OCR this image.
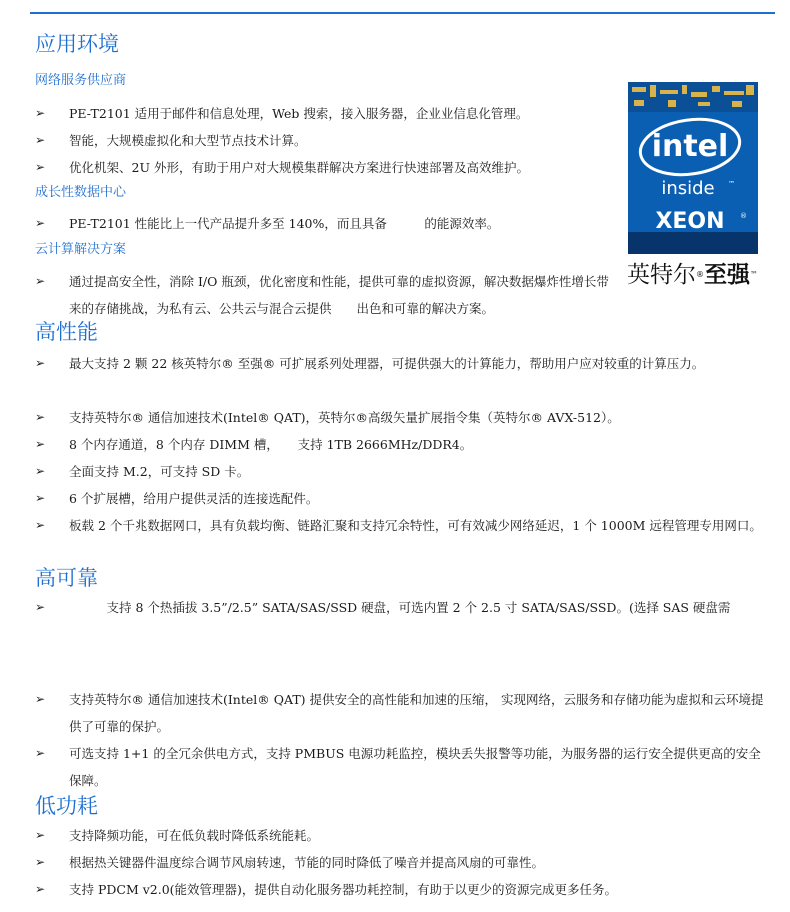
应用环境
网络服务供应商
➢ PE-T2101 适用于邮件和信息处理，Web 搜索，接入服务器，企业业信息化管理。
➢ 智能，大规模虚拟化和大型节点技术计算。
➢ 优化机架、2U 外形，有助于用户对大规模集群解决方案进行快速部署及高效维护。
成长性数据中心
➢ PE-T2101 性能比上一代产品提升多至 140%，而且具备　　　的能源效率。
云计算解决方案
➢ 通过提高安全性，消除 I/O 瓶颈，优化密度和性能，提供可靠的虚拟资源，解决数据爆炸性增长带来的存储挑战，为私有云、公共云与混合云提供　　出色和可靠的解决方案。
intel
inside ™
XEON ®
英特尔®至强™
高性能
➢ 最大支持 2 颗 22 核英特尔® 至强® 可扩展系列处理器，可提供强大的计算能力，帮助用户应对较重的计算压力。
➢ 支持英特尔® 通信加速技术(Intel® QAT)，英特尔®高级矢量扩展指令集（英特尔® AVX-512）。
➢ 8 个内存通道，8 个内存 DIMM 槽，　　支持 1TB 2666MHz/DDR4。
➢ 全面支持 M.2，可支持 SD 卡。
➢ 6 个扩展槽，给用户提供灵活的连接选配件。
➢ 板载 2 个千兆数据网口，具有负载均衡、链路汇聚和支持冗余特性，可有效减少网络延迟，1 个 1000M 远程管理专用网口。
高可靠
➢ 　　　支持 8 个热插拔 3.5”/2.5” SATA/SAS/SSD 硬盘，可选内置 2 个 2.5 寸 SATA/SAS/SSD。(选择 SAS 硬盘需
➢ 支持英特尔® 通信加速技术(Intel® QAT) 提供安全的高性能和加速的压缩， 实现网络，云服务和存储功能为虚拟和云环境提供了可靠的保护。
➢ 可选支持 1+1 的全冗余供电方式，支持 PMBUS 电源功耗监控，模块丢失报警等功能，为服务器的运行安全提供更高的安全保障。
低功耗
➢ 支持降频功能，可在低负载时降低系统能耗。
➢ 根据热关键器件温度综合调节风扇转速，节能的同时降低了噪音并提高风扇的可靠性。
➢ 支持 PDCM v2.0(能效管理器)，提供自动化服务器功耗控制，有助于以更少的资源完成更多任务。
